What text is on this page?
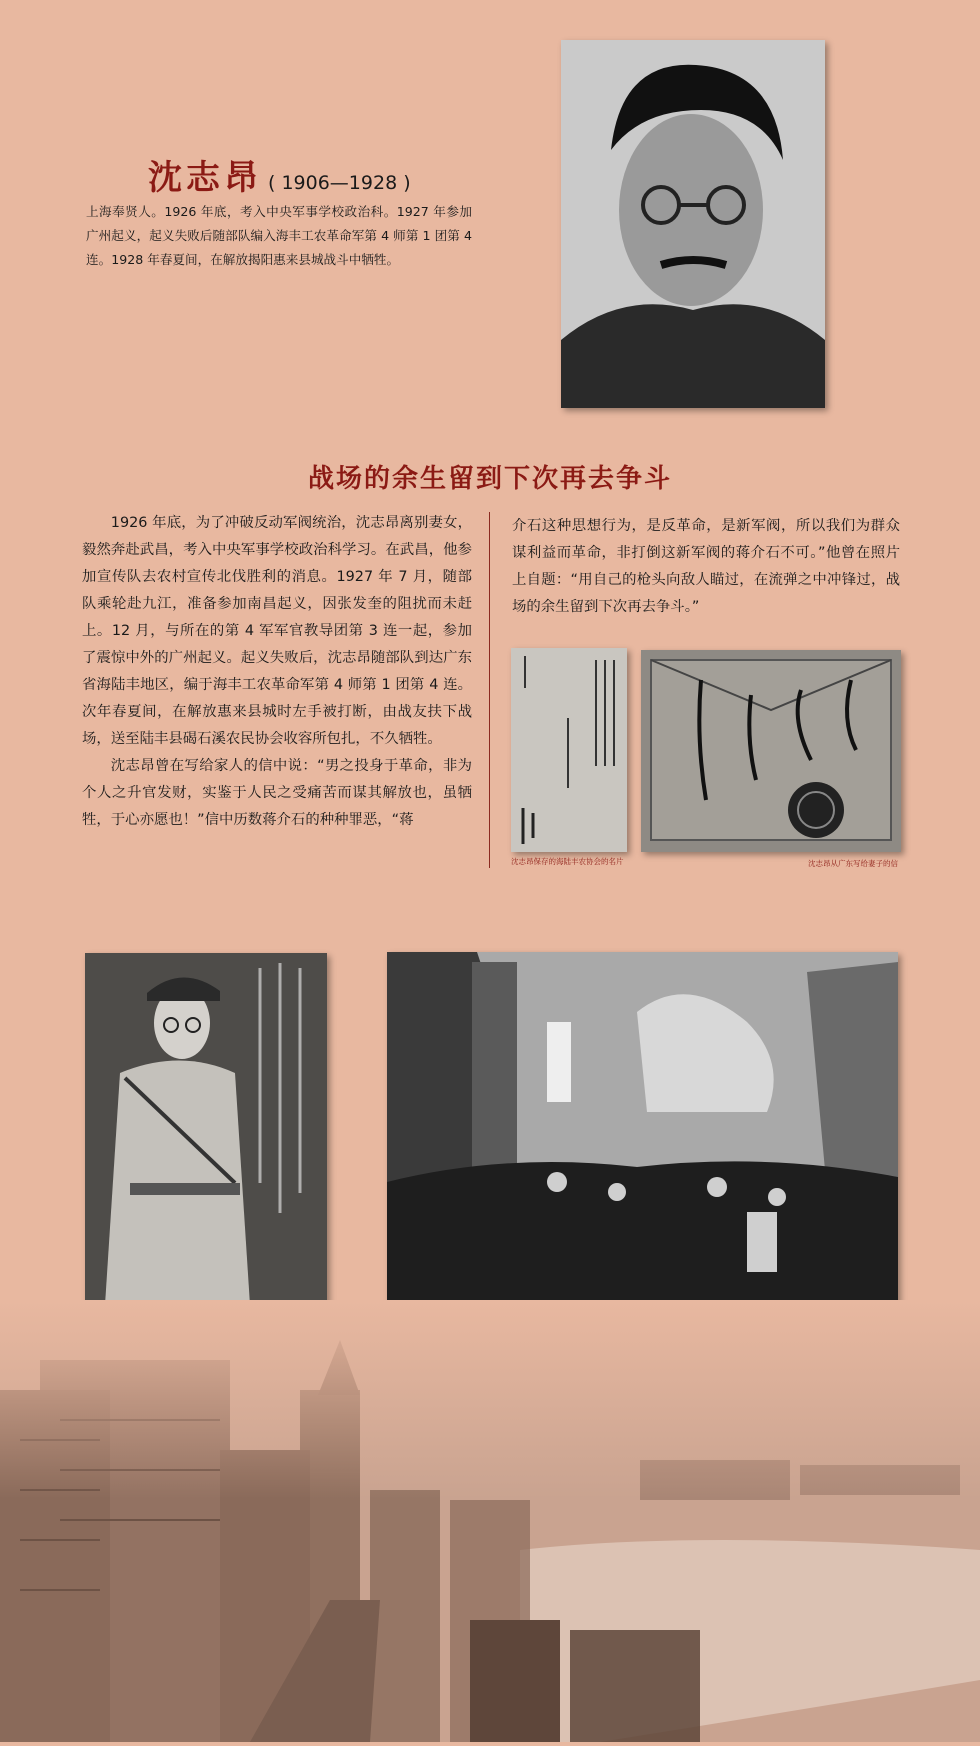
沈志昂 ( 1906—1928 )
上海奉贤人。1926 年底，考入中央军事学校政治科。1927 年参加广州起义，起义失败后随部队编入海丰工农革命军第 4 师第 1 团第 4 连。1928 年春夏间，在解放揭阳惠来县城战斗中牺牲。
战场的余生留到下次再去争斗

1926 年底，为了冲破反动军阀统治，沈志昂离别妻女，毅然奔赴武昌，考入中央军事学校政治科学习。在武昌，他参加宣传队去农村宣传北伐胜利的消息。1927 年 7 月，随部队乘轮赴九江，准备参加南昌起义，因张发奎的阻扰而未赶上。12 月，与所在的第 4 军军官教导团第 3 连一起，参加了震惊中外的广州起义。起义失败后，沈志昂随部队到达广东省海陆丰地区，编于海丰工农革命军第 4 师第 1 团第 4 连。次年春夏间，在解放惠来县城时左手被打断，由战友扶下战场，送至陆丰县碣石溪农民协会收容所包扎，不久牺牲。

沈志昂曾在写给家人的信中说：“男之投身于革命，非为个人之升官发财，实鉴于人民之受痛苦而谋其解放也，虽牺牲，于心亦愿也！”信中历数蒋介石的种种罪恶，“蒋

介石这种思想行为，是反革命，是新军阀，所以我们为群众谋利益而革命，非打倒这新军阀的蒋介石不可。”他曾在照片上自题：“用自己的枪头向敌人瞄过，在流弹之中冲锋过，战场的余生留到下次再去争斗。”

沈志昂保存的海陆丰农协会的名片	沈志昂从广东写给妻子的信
